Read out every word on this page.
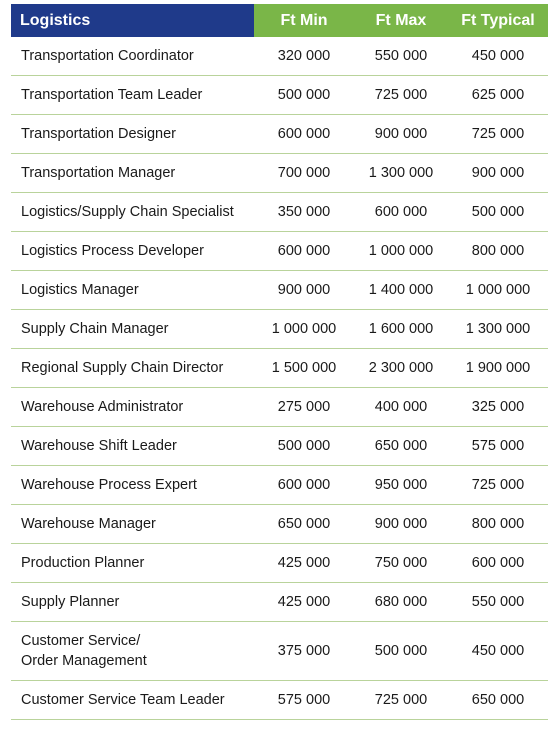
Logistics	Ft Min	Ft Max	Ft Typical
Transportation Coordinator	320 000	550 000	450 000
Transportation Team Leader	500 000	725 000	625 000
Transportation Designer	600 000	900 000	725 000
Transportation Manager	700 000	1 300 000	900 000
Logistics/Supply Chain Specialist	350 000	600 000	500 000
Logistics Process Developer	600 000	1 000 000	800 000
Logistics Manager	900 000	1 400 000	1 000 000
Supply Chain Manager	1 000 000	1 600 000	1 300 000
Regional Supply Chain Director	1 500 000	2 300 000	1 900 000
Warehouse Administrator	275 000	400 000	325 000
Warehouse Shift Leader	500 000	650 000	575 000
Warehouse Process Expert	600 000	950 000	725 000
Warehouse Manager	650 000	900 000	800 000
Production Planner	425 000	750 000	600 000
Supply Planner	425 000	680 000	550 000
Customer Service/
Order Management
375 000	500 000	450 000
Customer Service Team Leader	575 000	725 000	650 000
